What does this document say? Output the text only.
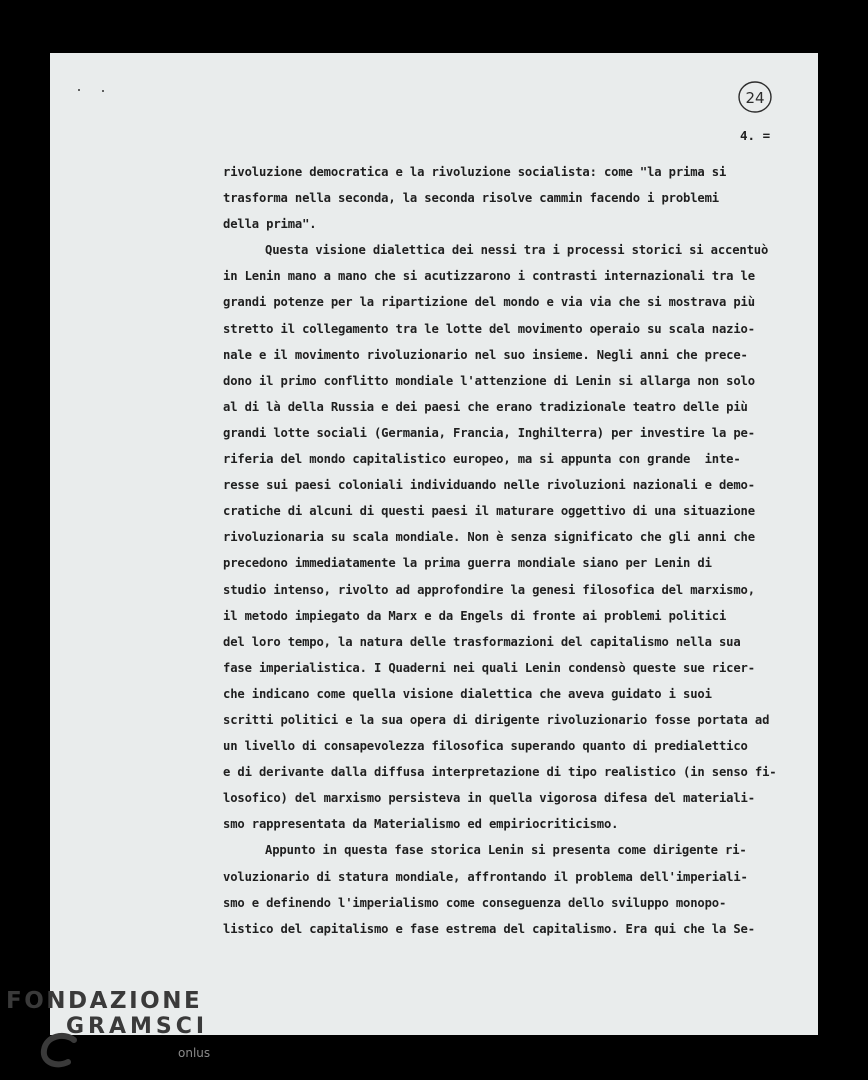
24
4. =
rivoluzione democratica e la rivoluzione socialista: come "la prima si
trasforma nella seconda, la seconda risolve cammin facendo i problemi
della prima".
Questa visione dialettica dei nessi tra i processi storici si accentuò
in Lenin mano a mano che si acutizzarono i contrasti internazionali tra le
grandi potenze per la ripartizione del mondo e via via che si mostrava più
stretto il collegamento tra le lotte del movimento operaio su scala nazio-
nale e il movimento rivoluzionario nel suo insieme. Negli anni che prece-
dono il primo conflitto mondiale l'attenzione di Lenin si allarga non solo
al di là della Russia e dei paesi che erano tradizionale teatro delle più
grandi lotte sociali (Germania, Francia, Inghilterra) per investire la pe-
riferia del mondo capitalistico europeo, ma si appunta con grande  inte-
resse sui paesi coloniali individuando nelle rivoluzioni nazionali e demo-
cratiche di alcuni di questi paesi il maturare oggettivo di una situazione
rivoluzionaria su scala mondiale. Non è senza significato che gli anni che
precedono immediatamente la prima guerra mondiale siano per Lenin di
studio intenso, rivolto ad approfondire la genesi filosofica del marxismo,
il metodo impiegato da Marx e da Engels di fronte ai problemi politici
del loro tempo, la natura delle trasformazioni del capitalismo nella sua
fase imperialistica. I Quaderni nei quali Lenin condensò queste sue ricer-
che indicano come quella visione dialettica che aveva guidato i suoi
scritti politici e la sua opera di dirigente rivoluzionario fosse portata ad
un livello di consapevolezza filosofica superando quanto di predialettico
e di derivante dalla diffusa interpretazione di tipo realistico (in senso fi-
losofico) del marxismo persisteva in quella vigorosa difesa del materiali-
smo rappresentata da Materialismo ed empiriocriticismo.
Appunto in questa fase storica Lenin si presenta come dirigente ri-
voluzionario di statura mondiale, affrontando il problema dell'imperiali-
smo e definendo l'imperialismo come conseguenza dello sviluppo monopo-
listico del capitalismo e fase estrema del capitalismo. Era qui che la Se-
FONDAZIONE
GRAMSCI
onlus
